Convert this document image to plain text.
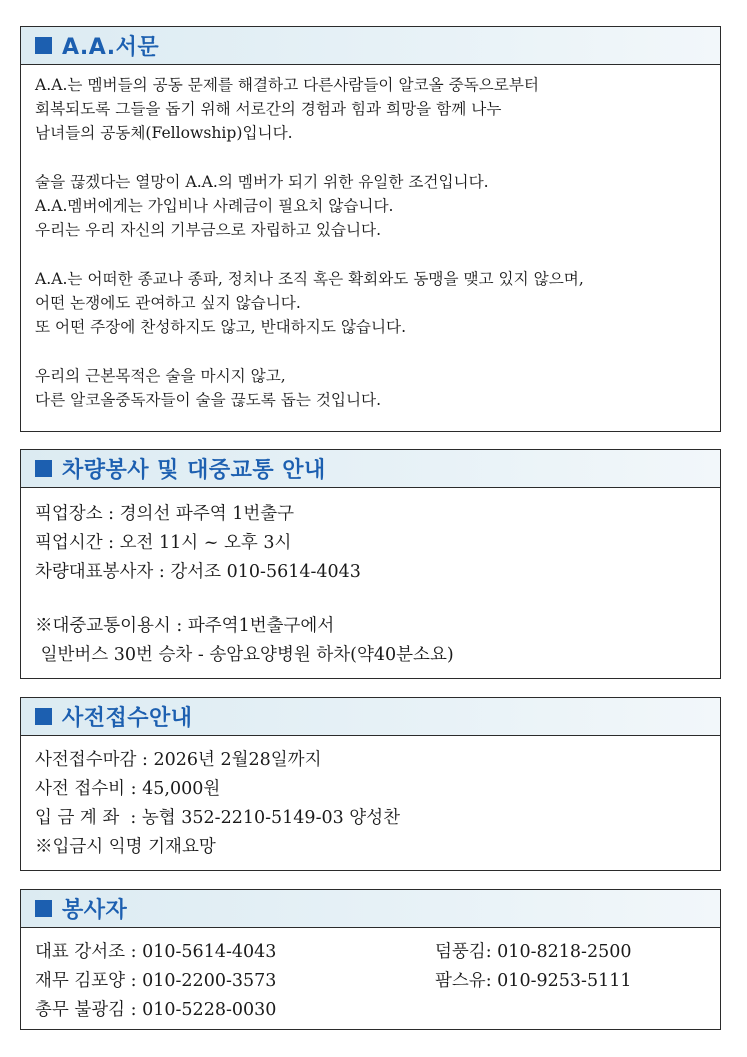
A.A.서문
A.A.는 멤버들의 공동 문제를 해결하고 다른사람들이 알코올 중독으로부터
회복되도록 그들을 돕기 위해 서로간의 경험과 힘과 희망을 함께 나누
남녀들의 공동체(Fellowship)입니다.
술을 끊겠다는 열망이 A.A.의 멤버가 되기 위한 유일한 조건입니다.
A.A.멤버에게는 가입비나 사례금이 필요치 않습니다.
우리는 우리 자신의 기부금으로 자립하고 있습니다.
A.A.는 어떠한 종교나 종파, 정치나 조직 혹은 확회와도 동맹을 맺고 있지 않으며,
어떤 논쟁에도 관여하고 싶지 않습니다.
또 어떤 주장에 찬성하지도 않고, 반대하지도 않습니다.
우리의 근본목적은 술을 마시지 않고,
다른 알코올중독자들이 술을 끊도록 돕는 것입니다.
차량봉사 및 대중교통 안내
픽업장소 : 경의선 파주역 1번출구
픽업시간 : 오전 11시 ~ 오후 3시
차량대표봉사자 : 강서조 010-5614-4043
※대중교통이용시 : 파주역1번출구에서
일반버스 30번 승차 - 송암요양병원 하차(약40분소요)
사전접수안내
사전접수마감 : 2026년 2월28일까지
사전 접수비 : 45,000원
입 금 계 좌  : 농협 352-2210-5149-03 양성찬
※입금시 익명 기재요망
봉사자
대표 강서조 : 010-5614-4043
재무 김포양 : 010-2200-3573
총무 불광김 : 010-5228-0030
덤풍김: 010-8218-2500
팜스유: 010-9253-5111
